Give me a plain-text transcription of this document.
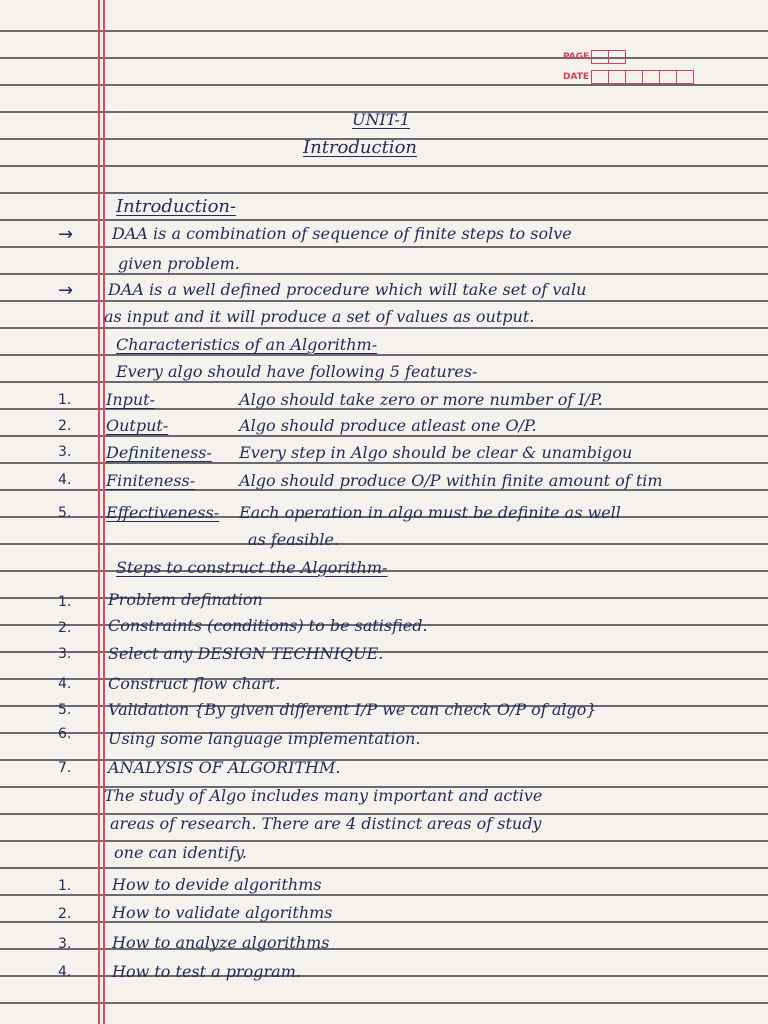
PAGE
DATE
UNIT-1
Introduction
Introduction-
→ DAA is a combination of sequence of finite steps to solve
given problem.
→ DAA is a well defined procedure which will take set of valu
as input and it will produce a set of values as output.
Characteristics of an Algorithm-
Every algo should have following 5 features-
1. Input-	Algo should take zero or more number of I/P.
2. Output-	Algo should produce atleast one O/P.
3. Definiteness- Every step in Algo should be clear & unambigou
4. Finiteness-	Algo should produce O/P within finite amount of tim
5. Effectiveness- Each operation in algo must be definite as well
as feasible.
Steps to construct the Algorithm-
1. Problem defination
2. Constraints (conditions) to be satisfied.
3. Select any DESIGN TECHNIQUE.
4. Construct flow chart.
5. Validation {By given different I/P we can check O/P of algo}
6. Using some language implementation.
7. ANALYSIS OF ALGORITHM.
The study of Algo includes many important and active
areas of research. There are 4 distinct areas of study
one can identify.
1.	How to devide algorithms
2.	How to validate algorithms
3.	How to analyze algorithms
4.	How to test a program.
